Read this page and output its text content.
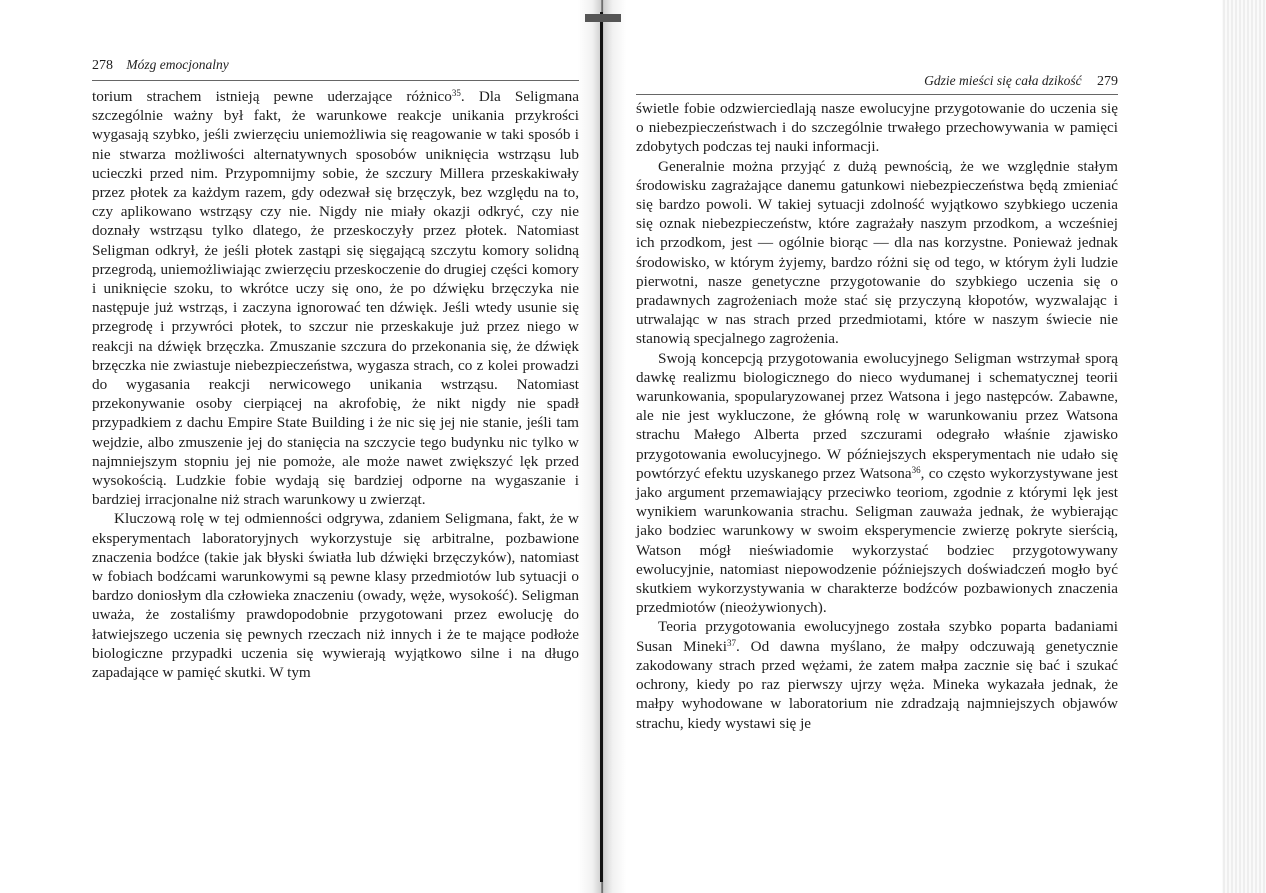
278 Mózg emocjonalny

torium strachem istnieją pewne uderzające różnico$^{35}$. Dla Seligmana szczególnie ważny był fakt, że warunkowe reakcje unikania przykrości wygasają szybko, jeśli zwierzęciu uniemożliwia się reagowanie w taki sposób i nie stwarza możliwości alternatywnych sposobów uniknięcia wstrząsu lub ucieczki przed nim. Przypomnijmy sobie, że szczury Millera przeskakiwały przez płotek za każdym razem, gdy odezwał się brzęczyk, bez względu na to, czy aplikowano wstrząsy czy nie. Nigdy nie miały okazji odkryć, czy nie doznały wstrząsu tylko dlatego, że przeskoczyły przez płotek. Natomiast Seligman odkrył, że jeśli płotek zastąpi się sięgającą szczytu komory solidną przegrodą, uniemożliwiając zwierzęciu przeskoczenie do drugiej części komory i uniknięcie szoku, to wkrótce uczy się ono, że po dźwięku brzęczyka nie następuje już wstrząs, i zaczyna ignorować ten dźwięk. Jeśli wtedy usunie się przegrodę i przywróci płotek, to szczur nie przeskakuje już przez niego w reakcji na dźwięk brzęczka. Zmuszanie szczura do przekonania się, że dźwięk brzęczka nie zwiastuje niebezpieczeństwa, wygasza strach, co z kolei prowadzi do wygasania reakcji nerwicowego unikania wstrząsu. Natomiast przekonywanie osoby cierpiącej na akrofobię, że nikt nigdy nie spadł przypadkiem z dachu Empire State Building i że nic się jej nie stanie, jeśli tam wejdzie, albo zmuszenie jej do stanięcia na szczycie tego budynku nic tylko w najmniejszym stopniu jej nie pomoże, ale może nawet zwiększyć lęk przed wysokością. Ludzkie fobie wydają się bardziej odporne na wygaszanie i bardziej irracjonalne niż strach warunkowy u zwierząt.

Kluczową rolę w tej odmienności odgrywa, zdaniem Seligmana, fakt, że w eksperymentach laboratoryjnych wykorzystuje się arbitralne, pozbawione znaczenia bodźce (takie jak błyski światła lub dźwięki brzęczyków), natomiast w fobiach bodźcami warunkowymi są pewne klasy przedmiotów lub sytuacji o bardzo doniosłym dla człowieka znaczeniu (owady, węże, wysokość). Seligman uważa, że zostaliśmy prawdopodobnie przygotowani przez ewolucję do łatwiejszego uczenia się pewnych rzeczach niż innych i że te mające podłoże biologiczne przypadki uczenia się wywierają wyjątkowo silne i na długo zapadające w pamięć skutki. W tym

Gdzie mieści się cała dzikość 279

świetle fobie odzwierciedlają nasze ewolucyjne przygotowanie do uczenia się o niebezpieczeństwach i do szczególnie trwałego przechowywania w pamięci zdobytych podczas tej nauki informacji.

Generalnie można przyjąć z dużą pewnością, że we względnie stałym środowisku zagrażające danemu gatunkowi niebezpieczeństwa będą zmieniać się bardzo powoli. W takiej sytuacji zdolność wyjątkowo szybkiego uczenia się oznak niebezpieczeństw, które zagrażały naszym przodkom, a wcześniej ich przodkom, jest — ogólnie biorąc — dla nas korzystne. Ponieważ jednak środowisko, w którym żyjemy, bardzo różni się od tego, w którym żyli ludzie pierwotni, nasze genetyczne przygotowanie do szybkiego uczenia się o pradawnych zagrożeniach może stać się przyczyną kłopotów, wyzwalając i utrwalając w nas strach przed przedmiotami, które w naszym świecie nie stanowią specjalnego zagrożenia.

Swoją koncepcją przygotowania ewolucyjnego Seligman wstrzymał sporą dawkę realizmu biologicznego do nieco wydumanej i schematycznej teorii warunkowania, spopularyzowanej przez Watsona i jego następców. Zabawne, ale nie jest wykluczone, że główną rolę w warunkowaniu przez Watsona strachu Małego Alberta przed szczurami odegrało właśnie zjawisko przygotowania ewolucyjnego. W późniejszych eksperymentach nie udało się powtórzyć efektu uzyskanego przez Watsona$^{36}$, co często wykorzystywane jest jako argument przemawiający przeciwko teoriom, zgodnie z którymi lęk jest wynikiem warunkowania strachu. Seligman zauważa jednak, że wybierając jako bodziec warunkowy w swoim eksperymencie zwierzę pokryte sierścią, Watson mógł nieświadomie wykorzystać bodziec przygotowywany ewolucyjnie, natomiast niepowodzenie późniejszych doświadczeń mogło być skutkiem wykorzystywania w charakterze bodźców pozbawionych znaczenia przedmiotów (nieożywionych).

Teoria przygotowania ewolucyjnego została szybko poparta badaniami Susan Mineki$^{37}$. Od dawna myślano, że małpy odczuwają genetycznie zakodowany strach przed wężami, że zatem małpa zacznie się bać i szukać ochrony, kiedy po raz pierwszy ujrzy węża. Mineka wykazała jednak, że małpy wyhodowane w laboratorium nie zdradzają najmniejszych objawów strachu, kiedy wystawi się je
